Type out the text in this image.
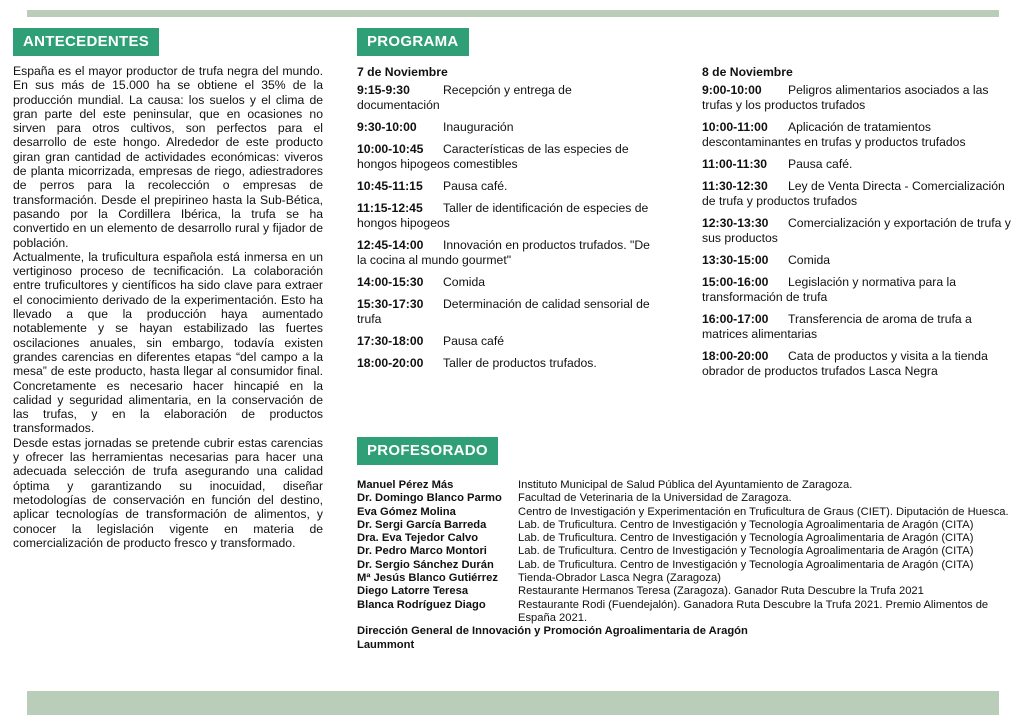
ANTECEDENTES

España es el mayor productor de trufa negra del mundo. En sus más de 15.000 ha se obtiene el 35% de la producción mundial. La causa: los suelos y el clima de gran parte del este peninsular, que en ocasiones no sirven para otros cultivos, son perfectos para el desarrollo de este hongo. Alrededor de este producto giran gran cantidad de actividades económicas: viveros de planta micorrizada, empresas de riego, adiestradores de perros para la recolección o empresas de transformación. Desde el prepirineo hasta la Sub-Bética, pasando por la Cordillera Ibérica, la trufa se ha convertido en un elemento de desarrollo rural y fijador de población.

Actualmente, la truficultura española está inmersa en un vertiginoso proceso de tecnificación. La colaboración entre truficultores y científicos ha sido clave para extraer el conocimiento derivado de la experimentación. Esto ha llevado a que la producción haya aumentado notablemente y se hayan estabilizado las fuertes oscilaciones anuales, sin embargo, todavía existen grandes carencias en diferentes etapas “del campo a la mesa” de este producto, hasta llegar al consumidor final. Concretamente es necesario hacer hincapié en la calidad y seguridad alimentaria, en la conservación de las trufas, y en la elaboración de productos transformados.

Desde estas jornadas se pretende cubrir estas carencias y ofrecer las herramientas necesarias para hacer una adecuada selección de trufa asegurando una calidad óptima y garantizando su inocuidad, diseñar metodologías de conservación en función del destino, aplicar tecnologías de transformación de alimentos, y conocer la legislación vigente en materia de comercialización de producto fresco y transformado.

PROGRAMA
7 de Noviembre
9:15-9:30	Recepción y entrega de documentación
9:30-10:00 Inauguración
10:00-10:45 Características de las especies de hongos hipogeos comestibles
10:45-11:15 Pausa café.
11:15-12:45 Taller de identificación de especies de hongos hipogeos
12:45-14:00 Innovación en productos trufados. "De la cocina al mundo gourmet"
14:00-15:30 Comida
15:30-17:30 Determinación de calidad sensorial de trufa
17:30-18:00 Pausa café
18:00-20:00 Taller de productos trufados.
8 de Noviembre
9:00-10:00 Peligros alimentarios asociados a las trufas y los productos trufados
10:00-11:00 Aplicación de tratamientos descontaminantes en trufas y productos trufados
11:00-11:30 Pausa café.
11:30-12:30 Ley de Venta Directa - Comercialización de trufa y productos trufados
12:30-13:30 Comercialización y exportación de trufa y sus productos
13:30-15:00 Comida
15:00-16:00 Legislación y normativa para la transformación de trufa
16:00-17:00 Transferencia de aroma de trufa a matrices alimentarias
18:00-20:00 Cata de productos y visita a la tienda obrador de productos trufados Lasca Negra
PROFESORADO
Manuel Pérez Más	Instituto Municipal de Salud Pública del Ayuntamiento de Zaragoza.
Dr. Domingo Blanco Parmo	Facultad de Veterinaria de la Universidad de Zaragoza.
Eva Gómez Molina	Centro de Investigación y Experimentación en Truficultura de Graus (CIET). Diputación de Huesca.
Dr. Sergi García Barreda	Lab. de Truficultura. Centro de Investigación y Tecnología Agroalimentaria de Aragón (CITA)
Dra. Eva Tejedor Calvo	Lab. de Truficultura. Centro de Investigación y Tecnología Agroalimentaria de Aragón (CITA)
Dr. Pedro Marco Montori	Lab. de Truficultura. Centro de Investigación y Tecnología Agroalimentaria de Aragón (CITA)
Dr. Sergio Sánchez Durán	Lab. de Truficultura. Centro de Investigación y Tecnología Agroalimentaria de Aragón (CITA)
Mª Jesús Blanco Gutiérrez	Tienda-Obrador Lasca Negra (Zaragoza)
Diego Latorre Teresa	Restaurante Hermanos Teresa (Zaragoza). Ganador Ruta Descubre la Trufa 2021
Blanca Rodríguez Diago	Restaurante Rodi (Fuendejalón). Ganadora Ruta Descubre la Trufa 2021. Premio Alimentos de España 2021.
Dirección General de Innovación y Promoción Agroalimentaria de Aragón
Laummont
